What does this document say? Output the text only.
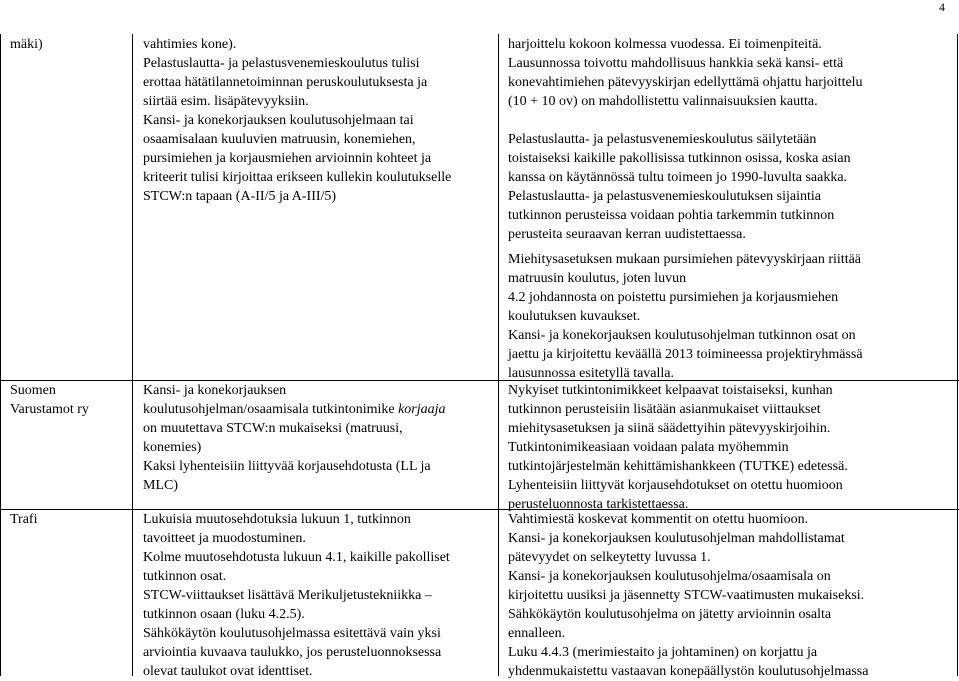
4

mäki)	vahtimies kone).

Pelastuslautta- ja pelastusvenemieskoulutus tulisi

erottaa hätätilannetoiminnan peruskoulutuksesta ja

siirtää esim. lisäpätevyyksiin.

Kansi- ja konekorjauksen koulutusohjelmaan tai

osaamisalaan kuuluvien matruusin, konemiehen,

pursimiehen ja korjausmiehen arvioinnin kohteet ja

kriteerit tulisi kirjoittaa erikseen kullekin koulutukselle

STCW:n tapaan (A-II/5 ja A-III/5)

harjoittelu kokoon kolmessa vuodessa. Ei toimenpiteitä.

Lausunnossa toivottu mahdollisuus hankkia sekä kansi- että

konevahtimiehen pätevyyskirjan edellyttämä ohjattu harjoittelu

(10 + 10 ov) on mahdollistettu valinnaisuuksien kautta.

Pelastuslautta- ja pelastusvenemieskoulutus säilytetään

toistaiseksi kaikille pakollisissa tutkinnon osissa, koska asian

kanssa on käytännössä tultu toimeen jo 1990-luvulta saakka.

Pelastuslautta- ja pelastusvenemieskoulutuksen sijaintia

tutkinnon perusteissa voidaan pohtia tarkemmin tutkinnon

perusteita seuraavan kerran uudistettaessa.

Miehitysasetuksen mukaan pursimiehen pätevyyskirjaan riittää

matruusin koulutus, joten luvun

4.2 johdannosta on poistettu pursimiehen ja korjausmiehen

koulutuksen kuvaukset.

Kansi- ja konekorjauksen koulutusohjelman tutkinnon osat on

jaettu ja kirjoitettu keväällä 2013 toimineessa projektiryhmässä

lausunnossa esitetyllä tavalla.

Suomen

Varustamot ry

Kansi- ja konekorjauksen

koulutusohjelman/osaamisala tutkintonimike korjaaja

on muutettava STCW:n mukaiseksi (matruusi,

konemies)

Kaksi lyhenteisiin liittyvää korjausehdotusta (LL ja

MLC)

Nykyiset tutkintonimikkeet kelpaavat toistaiseksi, kunhan

tutkinnon perusteisiin lisätään asianmukaiset viittaukset

miehitysasetuksen ja siinä säädettyihin pätevyyskirjoihin.

Tutkintonimikeasiaan voidaan palata myöhemmin

tutkintojärjestelmän kehittämishankkeen (TUTKE) edetessä.

Lyhenteisiin liittyvät korjausehdotukset on otettu huomioon

perusteluonnosta tarkistettaessa.

Trafi	Lukuisia muutosehdotuksia lukuun 1, tutkinnon

tavoitteet ja muodostuminen.

Kolme muutosehdotusta lukuun 4.1, kaikille pakolliset

tutkinnon osat.

STCW-viittaukset lisättävä Merikuljetustekniikka –

tutkinnon osaan (luku 4.2.5).

Sähkökäytön koulutusohjelmassa esitettävä vain yksi

arviointia kuvaava taulukko, jos perusteluonnoksessa

olevat taulukot ovat identtiset.

Vahtimiestä koskevat kommentit on otettu huomioon.

Kansi- ja konekorjauksen koulutusohjelman mahdollistamat

pätevyydet on selkeytetty luvussa 1.

Kansi- ja konekorjauksen koulutusohjelma/osaamisala on

kirjoitettu uusiksi ja jäsennetty STCW-vaatimusten mukaiseksi.

Sähkökäytön koulutusohjelma on jätetty arvioinnin osalta

ennalleen.

Luku 4.4.3 (merimiestaito ja johtaminen) on korjattu ja

yhdenmukaistettu vastaavan konepäällystön koulutusohjelmassa
